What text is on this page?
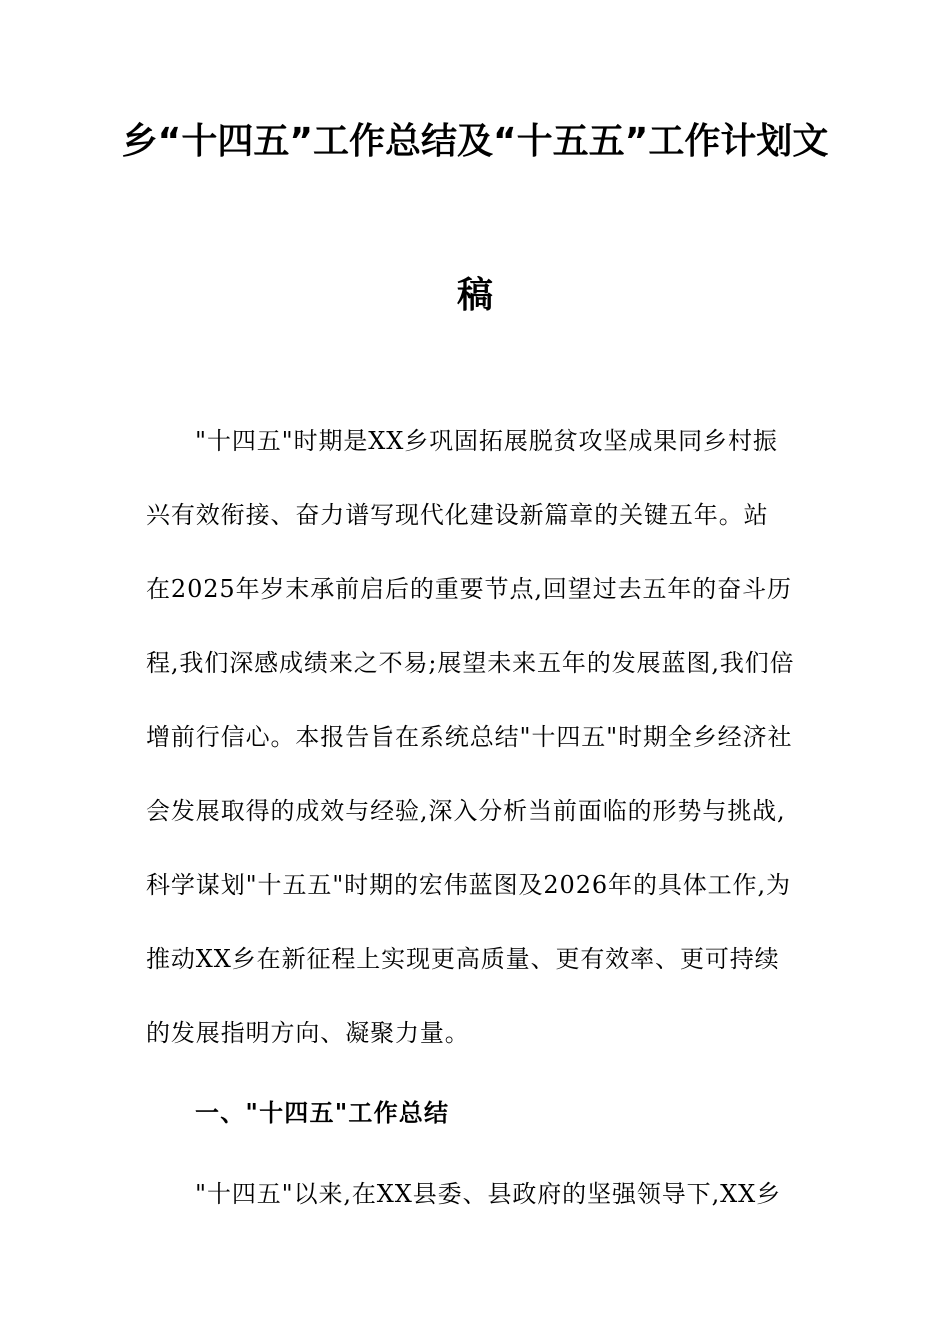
乡“十四五”工作总结及“十五五”工作计划文
稿
"十四五"时期是XX乡巩固拓展脱贫攻坚成果同乡村振
兴有效衔接、奋力谱写现代化建设新篇章的关键五年。站
在2025年岁末承前启后的重要节点,回望过去五年的奋斗历
程,我们深感成绩来之不易;展望未来五年的发展蓝图,我们倍
增前行信心。本报告旨在系统总结"十四五"时期全乡经济社
会发展取得的成效与经验,深入分析当前面临的形势与挑战,
科学谋划"十五五"时期的宏伟蓝图及2026年的具体工作,为
推动XX乡在新征程上实现更高质量、更有效率、更可持续
的发展指明方向、凝聚力量。
一、"十四五"工作总结
"十四五"以来,在XX县委、县政府的坚强领导下,XX乡
